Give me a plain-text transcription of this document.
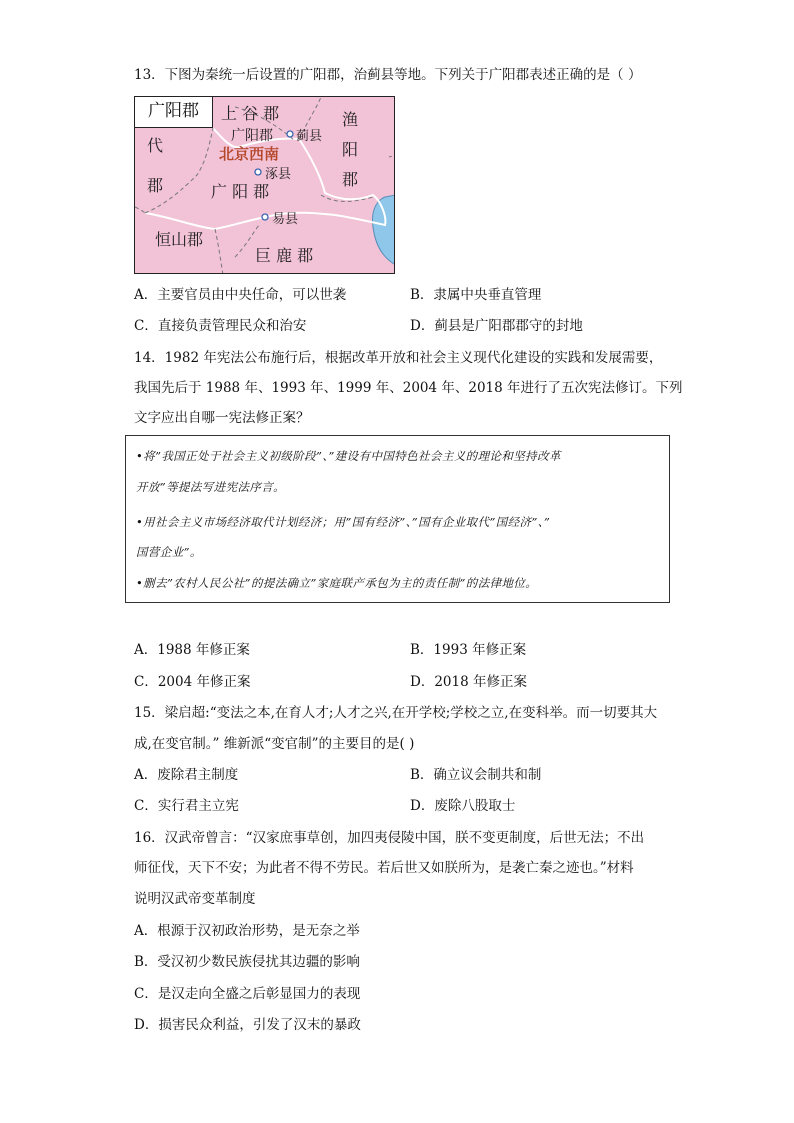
13．下图为秦统一后设置的广阳郡，治蓟县等地。下列关于广阳郡表述正确的是（ ）
广阳郡	上 谷 郡	渔
阳
郡
代
郡
广阳郡 蓟县
北京西南
涿县
广 阳 郡
易县
恒山郡
巨 鹿 郡
A．主要官员由中央任命，可以世袭	B．隶属中央垂直管理
C．直接负责管理民众和治安	D．蓟县是广阳郡郡守的封地
14．1982 年宪法公布施行后，根据改革开放和社会主义现代化建设的实践和发展需要，
我国先后于 1988 年、1993 年、1999 年、2004 年、2018 年进行了五次宪法修订。下列
文字应出自哪一宪法修正案？
•将”我国正处于社会主义初级阶段”、”建设有中国特色社会主义的理论和坚持改革
开放”等提法写进宪法序言。
•用社会主义市场经济取代计划经济；用”国有经济”、”国有企业取代”国经济”、”
国营企业”。
•删去”农村人民公社”的提法确立”家庭联产承包为主的责任制”的法律地位。
A．1988 年修正案	B．1993 年修正案
C．2004 年修正案	D．2018 年修正案
15．梁启超:“变法之本,在育人才;人才之兴,在开学校;学校之立,在变科举。而一切要其大
成,在变官制。” 维新派“变官制”的主要目的是( )
A．废除君主制度	B．确立议会制共和制
C．实行君主立宪	D．废除八股取士
16．汉武帝曾言：“汉家庶事草创，加四夷侵陵中国，朕不变更制度，后世无法；不出
师征伐，天下不安；为此者不得不劳民。若后世又如朕所为，是袭亡秦之迹也。”材料
说明汉武帝变革制度
A．根源于汉初政治形势，是无奈之举
B．受汉初少数民族侵扰其边疆的影响
C．是汉走向全盛之后彰显国力的表现
D．损害民众利益，引发了汉末的暴政
